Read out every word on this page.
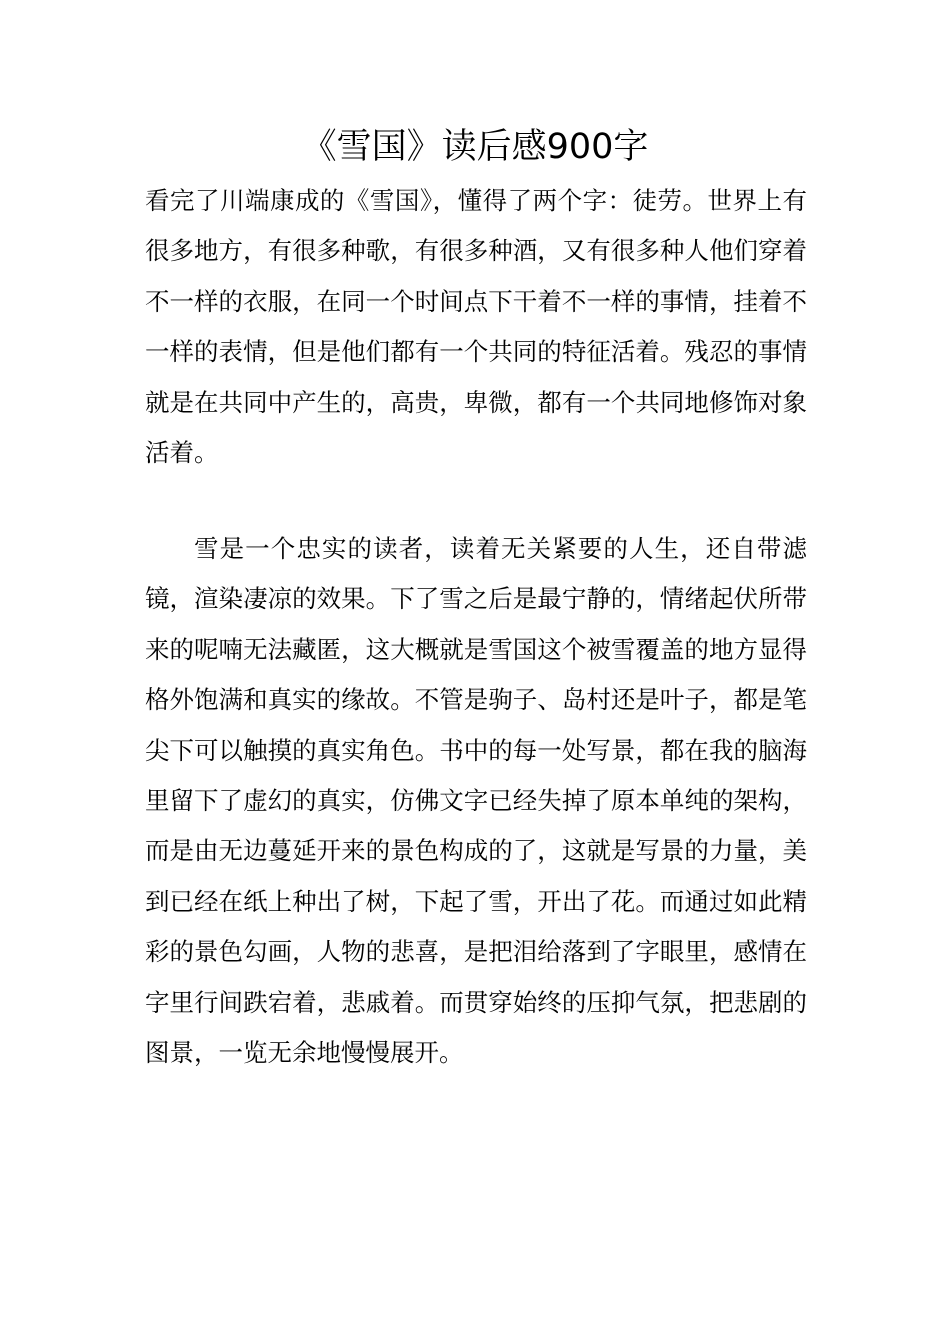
《雪国》读后感900字

看完了川端康成的《雪国》，懂得了两个字：徒劳。世界上有很多地方，有很多种歌，有很多种酒，又有很多种人他们穿着不一样的衣服，在同一个时间点下干着不一样的事情，挂着不一样的表情，但是他们都有一个共同的特征活着。残忍的事情就是在共同中产生的，高贵，卑微，都有一个共同地修饰对象活着。

雪是一个忠实的读者，读着无关紧要的人生，还自带滤镜，渲染凄凉的效果。下了雪之后是最宁静的，情绪起伏所带来的呢喃无法藏匿，这大概就是雪国这个被雪覆盖的地方显得格外饱满和真实的缘故。不管是驹子、岛村还是叶子，都是笔尖下可以触摸的真实角色。书中的每一处写景，都在我的脑海里留下了虚幻的真实，仿佛文字已经失掉了原本单纯的架构，而是由无边蔓延开来的景色构成的了，这就是写景的力量，美到已经在纸上种出了树，下起了雪，开出了花。而通过如此精彩的景色勾画，人物的悲喜，是把泪给落到了字眼里，感情在字里行间跌宕着，悲戚着。而贯穿始终的压抑气氛，把悲剧的图景，一览无余地慢慢展开。
